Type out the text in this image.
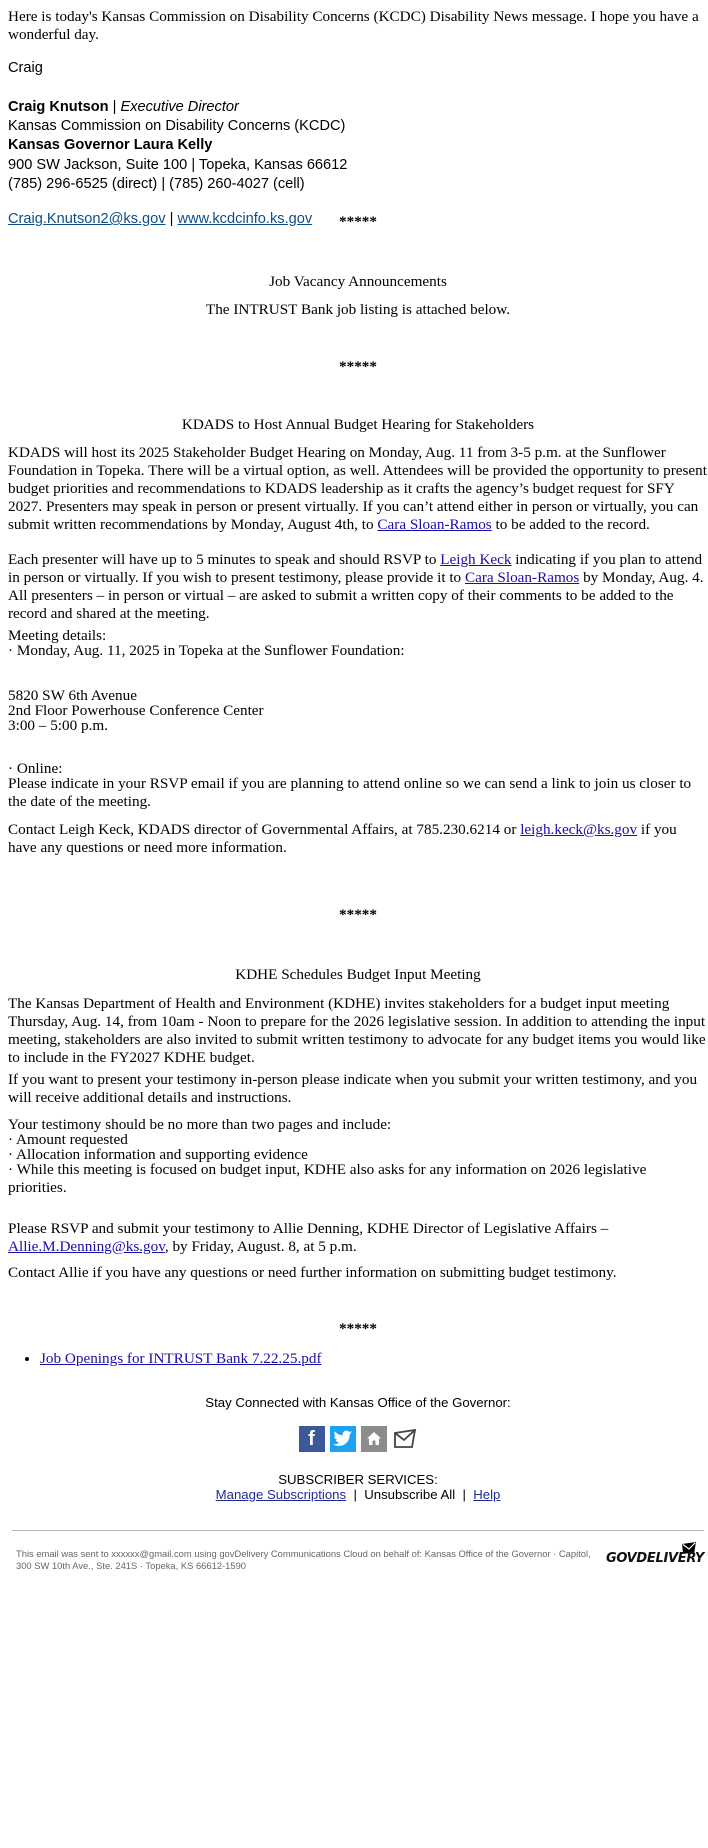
Here is today's Kansas Commission on Disability Concerns (KCDC) Disability News message. I hope you have a wonderful day.

Craig

Craig Knutson | Executive Director
Kansas Commission on Disability Concerns (KCDC)
Kansas Governor Laura Kelly
900 SW Jackson, Suite 100 | Topeka, Kansas 66612
(785) 296-6525 (direct) | (785) 260-4027 (cell)
Craig.Knutson2@ks.gov | www.kcdcinfo.ks.gov	*****

Job Vacancy Announcements

The INTRUST Bank job listing is attached below.

*****

KDADS to Host Annual Budget Hearing for Stakeholders

KDADS will host its 2025 Stakeholder Budget Hearing on Monday, Aug. 11 from 3-5 p.m. at the Sunflower Foundation in Topeka. There will be a virtual option, as well. Attendees will be provided the opportunity to present budget priorities and recommendations to KDADS leadership as it crafts the agency’s budget request for SFY 2027. Presenters may speak in person or present virtually. If you can’t attend either in person or virtually, you can submit written recommendations by Monday, August 4th, to Cara Sloan-Ramos to be added to the record.

Each presenter will have up to 5 minutes to speak and should RSVP to Leigh Keck indicating if you plan to attend in person or virtually. If you wish to present testimony, please provide it to Cara Sloan-Ramos by Monday, Aug. 4. All presenters – in person or virtual – are asked to submit a written copy of their comments to be added to the record and shared at the meeting.

Meeting details:

· Monday, Aug. 11, 2025 in Topeka at the Sunflower Foundation:

5820 SW 6th Avenue

2nd Floor Powerhouse Conference Center

3:00 – 5:00 p.m.

· Online:

Please indicate in your RSVP email if you are planning to attend online so we can send a link to join us closer to the date of the meeting.

Contact Leigh Keck, KDADS director of Governmental Affairs, at 785.230.6214 or leigh.keck@ks.gov if you have any questions or need more information.

*****

KDHE Schedules Budget Input Meeting

The Kansas Department of Health and Environment (KDHE) invites stakeholders for a budget input meeting Thursday, Aug. 14, from 10am - Noon to prepare for the 2026 legislative session. In addition to attending the input meeting, stakeholders are also invited to submit written testimony to advocate for any budget items you would like to include in the FY2027 KDHE budget.

If you want to present your testimony in-person please indicate when you submit your written testimony, and you will receive additional details and instructions.

Your testimony should be no more than two pages and include:

· Amount requested

· Allocation information and supporting evidence

· While this meeting is focused on budget input, KDHE also asks for any information on 2026 legislative priorities.

Please RSVP and submit your testimony to Allie Denning, KDHE Director of Legislative Affairs – Allie.M.Denning@ks.gov, by Friday, August. 8, at 5 p.m.

Contact Allie if you have any questions or need further information on submitting budget testimony.

*****

• Job Openings for INTRUST Bank 7.22.25.pdf

Stay Connected with Kansas Office of the Governor:

f

SUBSCRIBER SERVICES:

Manage Subscriptions | Unsubscribe All | Help

This email was sent to xxxxxx@gmail.com using govDelivery Communications Cloud on behalf of: Kansas Office of the Governor · Capitol, 300 SW 10th Ave., Ste. 241S · Topeka, KS 66612-1590	GOVDELIVERY
